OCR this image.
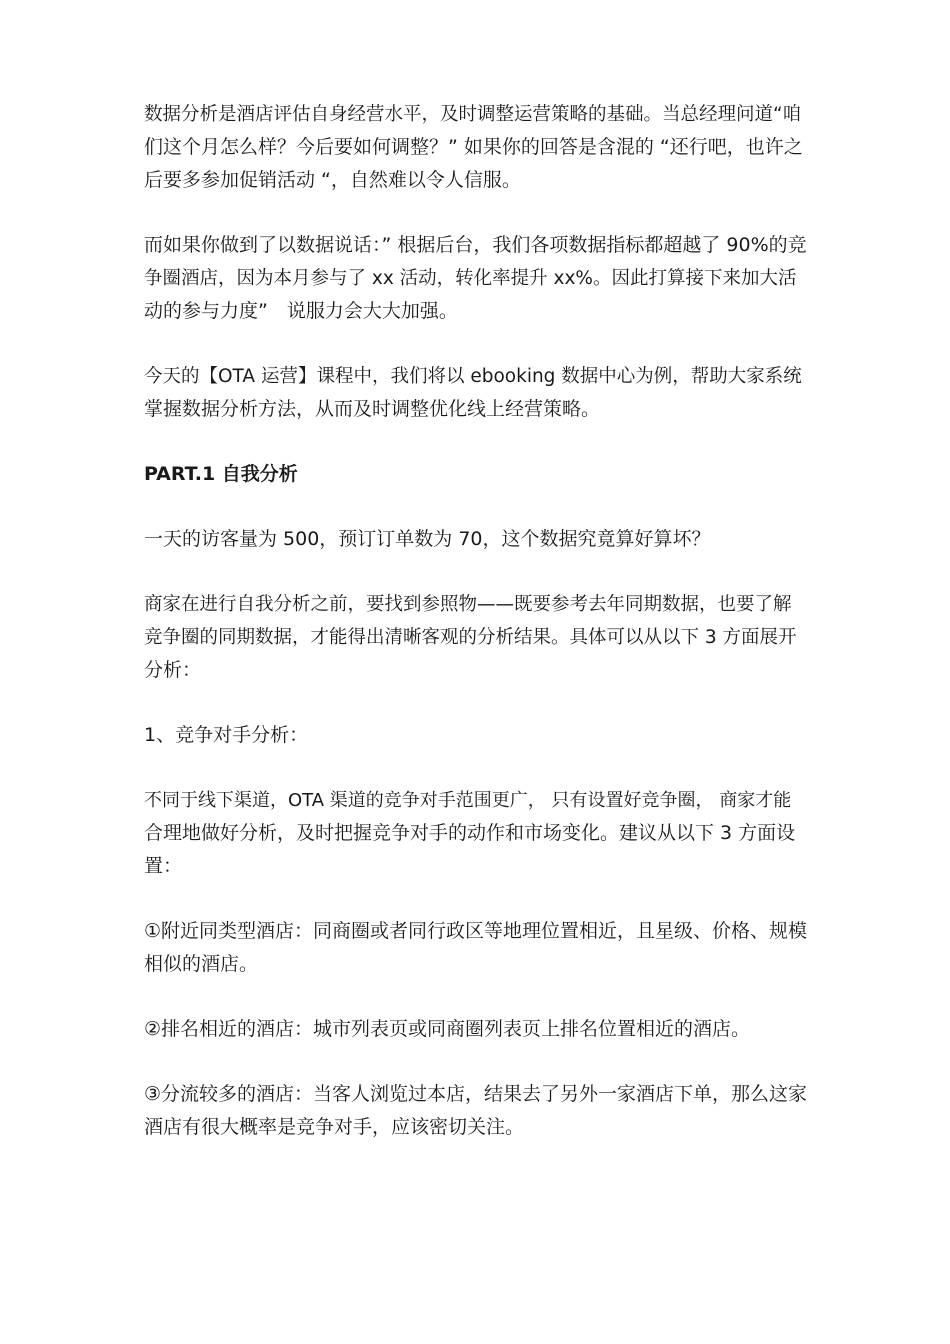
数据分析是酒店评估自身经营水平，及时调整运营策略的基础。当总经理问道“咱
们这个月怎么样？今后要如何调整？” 如果你的回答是含混的 “还行吧，也许之
后要多参加促销活动 “，自然难以令人信服。

而如果你做到了以数据说话：” 根据后台，我们各项数据指标都超越了 90%的竞
争圈酒店，因为本月参与了 xx 活动，转化率提升 xx%。因此打算接下来加大活
动的参与力度”　说服力会大大加强。

今天的【OTA 运营】课程中，我们将以 ebooking 数据中心为例，帮助大家系统
掌握数据分析方法，从而及时调整优化线上经营策略。

PART.1 自我分析

一天的访客量为 500，预订订单数为 70，这个数据究竟算好算坏？

商家在进行自我分析之前，要找到参照物——既要参考去年同期数据，也要了解
竞争圈的同期数据，才能得出清晰客观的分析结果。具体可以从以下 3 方面展开
分析：

1、竞争对手分析：

不同于线下渠道，OTA 渠道的竞争对手范围更广， 只有设置好竞争圈， 商家才能
合理地做好分析，及时把握竞争对手的动作和市场变化。建议从以下 3 方面设
置：

①附近同类型酒店：同商圈或者同行政区等地理位置相近，且星级、价格、规模
相似的酒店。

②排名相近的酒店：城市列表页或同商圈列表页上排名位置相近的酒店。

③分流较多的酒店：当客人浏览过本店，结果去了另外一家酒店下单，那么这家
酒店有很大概率是竞争对手，应该密切关注。
